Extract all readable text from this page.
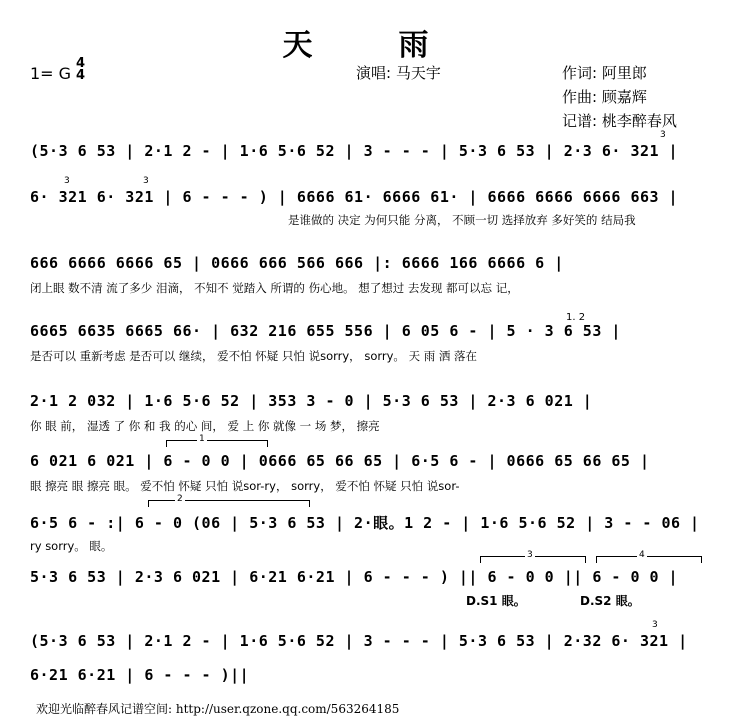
天　雨
1= G
4
4	演唱: 马天宇	作词: 阿里郎
作曲: 顾嘉辉
记谱: 桃李醉春风
(5·3 6 53 | 2·1 2 - | 1·6 5·6 52 | 3 - - - | 5·3 6 53 | 2·3 6· 321 |
3
3	3
6· 321 6· 321 | 6 - - - ) | 6666 61· 6666 61· | 6666 6666 6666 663 |
是谁做的 决定 为何只能 分离， 不顾一切 选择放弃 多好笑的 结局我
666 6666 6666 65 | 0666 666 566 666 |: 6666 166 6666 6 |
闭上眼 数不清 流了多少 泪滴， 不知不 觉踏入 所谓的 伤心地。 想了想过 去发现 都可以忘 记，
1. 2
6665 6635 6665 66· | 632 216 655 556 | 6 05 6 - | 5 · 3 6 53 |
是否可以 重新考虑 是否可以 继续， 爱不怕 怀疑 只怕 说sorry， sorry。 天 雨 洒 落在
2·1 2 032 | 1·6 5·6 52 | 353 3 - 0 | 5·3 6 53 | 2·3 6 021 |
你 眼 前， 湿透 了 你 和 我 的心 间， 爱 上 你 就像 一 场 梦， 擦亮
1
6 021 6 021 | 6 - 0 0 | 0666 65 66 65 | 6·5 6 - | 0666 65 66 65 |
眼 擦亮 眼 擦亮 眼。 爱不怕 怀疑 只怕 说sor-ry， sorry， 爱不怕 怀疑 只怕 说sor-
2
6·5 6 - :| 6 - 0 (06 | 5·3 6 53 | 2·眼。1 2 - | 1·6 5·6 52 | 3 - - 06 |
ry sorry。 眼。
3	4
5·3 6 53 | 2·3 6 021 | 6·21 6·21 | 6 - - - ) || 6 - 0 0 || 6 - 0 0 |
D.S1 眼。	D.S2 眼。
3
(5·3 6 53 | 2·1 2 - | 1·6 5·6 52 | 3 - - - | 5·3 6 53 | 2·32 6· 321 |
6·21 6·21 | 6 - - - )||
欢迎光临醉春风记谱空间: http://user.qzone.qq.com/563264185
